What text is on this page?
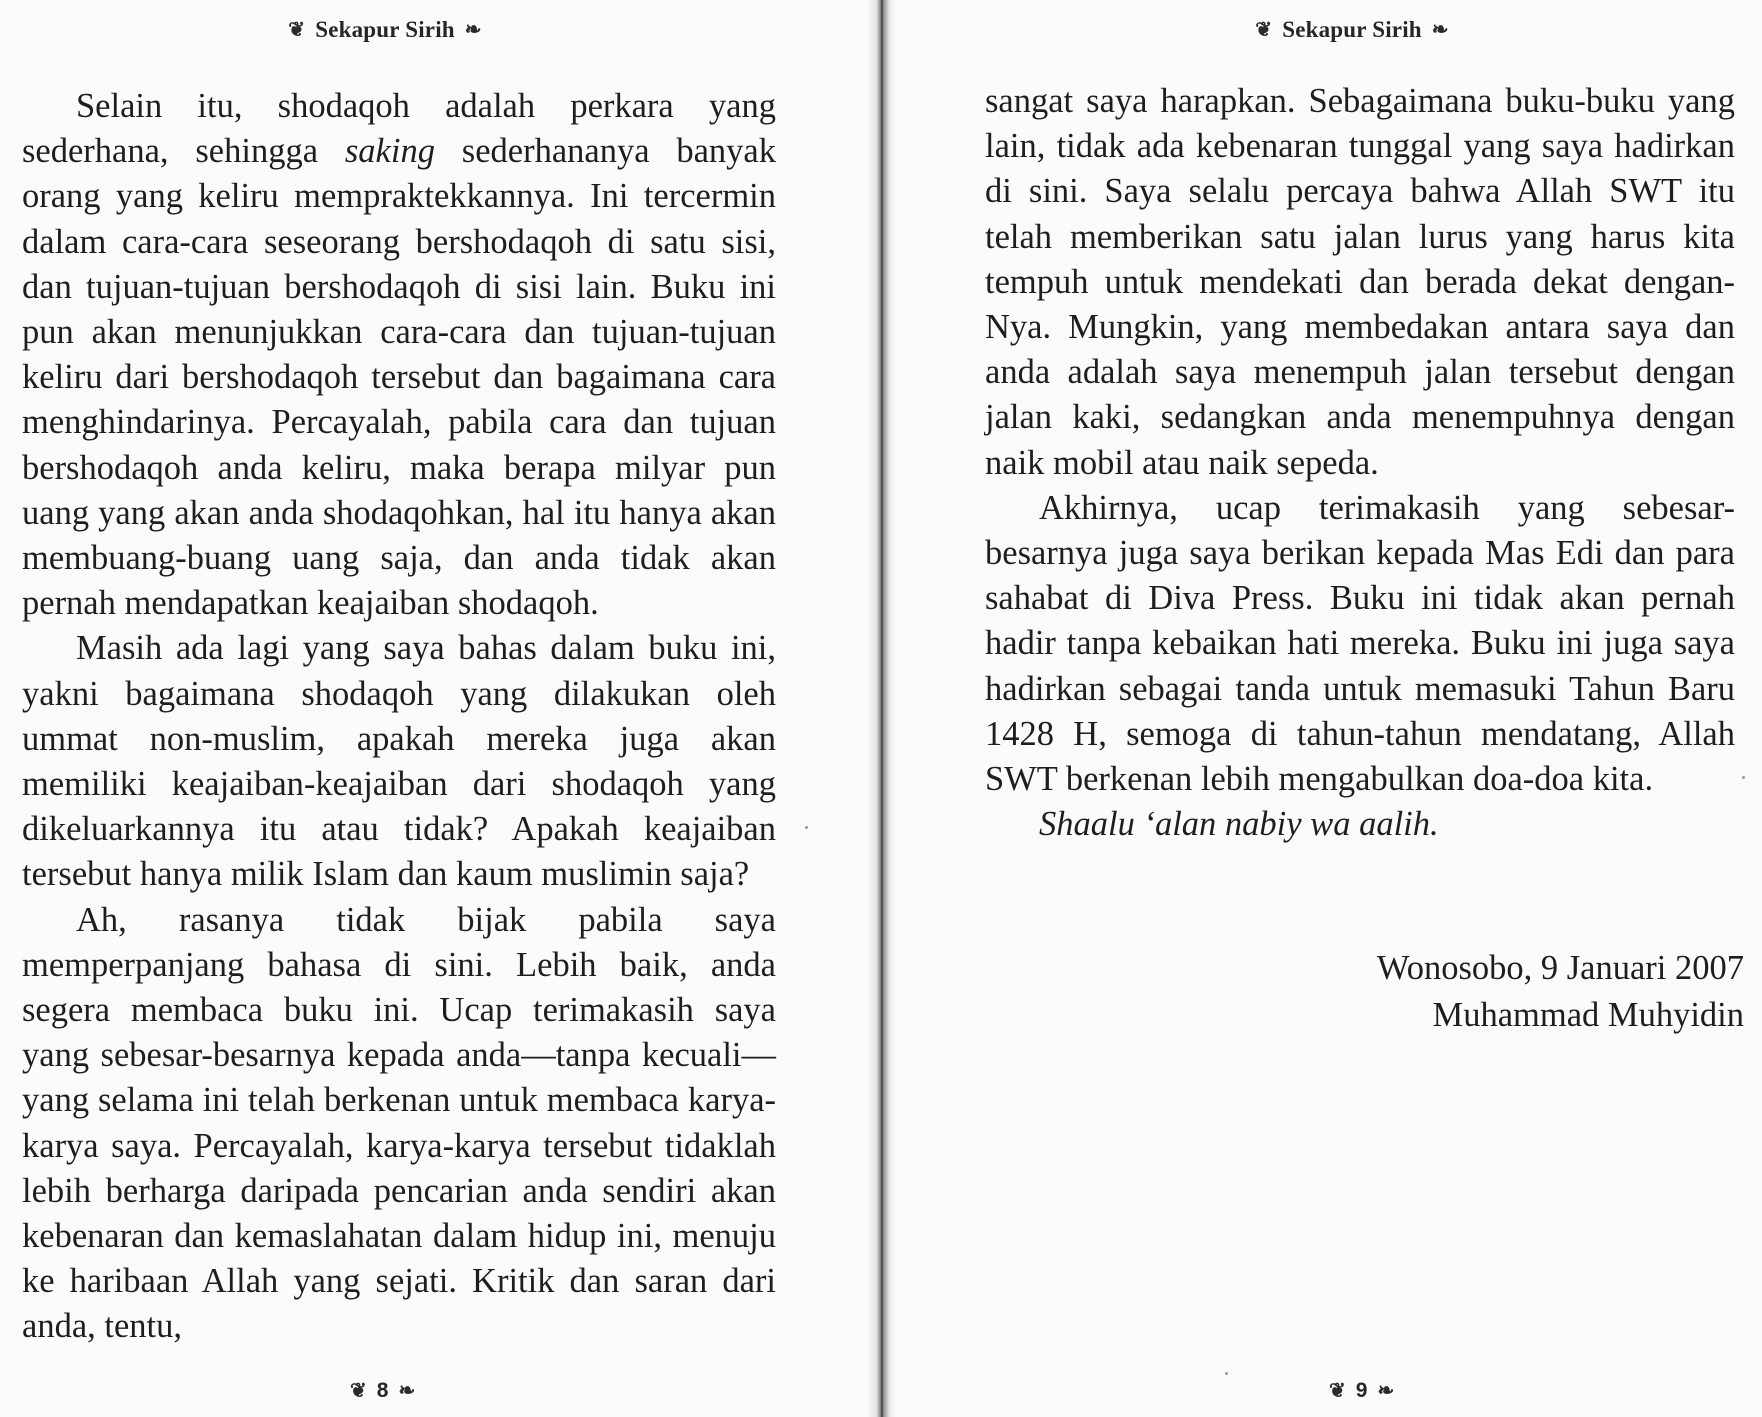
❦ Sekapur Sirih ❧

Selain itu, shodaqoh adalah perkara yang sederhana, sehingga saking sederhananya banyak orang yang keliru mempraktekkannya. Ini tercermin dalam cara-cara seseorang bershodaqoh di satu sisi, dan tujuan-tujuan bershodaqoh di sisi lain. Buku ini pun akan menunjukkan cara-cara dan tujuan-tujuan keliru dari bershodaqoh tersebut dan bagaimana cara menghindarinya. Percayalah, pabila cara dan tujuan bershodaqoh anda keliru, maka berapa milyar pun uang yang akan anda shodaqohkan, hal itu hanya akan membuang-buang uang saja, dan anda tidak akan pernah mendapatkan keajaiban shodaqoh.

Masih ada lagi yang saya bahas dalam buku ini, yakni bagaimana shodaqoh yang dilakukan oleh ummat non-muslim, apakah mereka juga akan memiliki keajaiban-keajaiban dari shodaqoh yang dikeluarkannya itu atau tidak? Apakah keajaiban tersebut hanya milik Islam dan kaum muslimin saja?

Ah, rasanya tidak bijak pabila saya memperpanjang bahasa di sini. Lebih baik, anda segera membaca buku ini. Ucap terimakasih saya yang sebesar-besarnya kepada anda—tanpa kecuali—yang selama ini telah berkenan untuk membaca karya-karya saya. Percayalah, karya-karya tersebut tidaklah lebih berharga daripada pencarian anda sendiri akan kebenaran dan kemaslahatan dalam hidup ini, menuju ke haribaan Allah yang sejati. Kritik dan saran dari anda, tentu,

❦ 8 ❧
❦ Sekapur Sirih ❧

sangat saya harapkan. Sebagaimana buku-buku yang lain, tidak ada kebenaran tunggal yang saya hadirkan di sini. Saya selalu percaya bahwa Allah SWT itu telah memberikan satu jalan lurus yang harus kita tempuh untuk mendekati dan berada dekat dengan-Nya. Mungkin, yang membedakan antara saya dan anda adalah saya menempuh jalan tersebut dengan jalan kaki, sedangkan anda menempuhnya dengan naik mobil atau naik sepeda.

Akhirnya, ucap terimakasih yang sebesar-besarnya juga saya berikan kepada Mas Edi dan para sahabat di Diva Press. Buku ini tidak akan pernah hadir tanpa kebaikan hati mereka. Buku ini juga saya hadirkan sebagai tanda untuk memasuki Tahun Baru 1428 H, semoga di tahun-tahun mendatang, Allah SWT berkenan lebih mengabulkan doa-doa kita.

Shaalu ‘alan nabiy wa aalih.

Wonosobo, 9 Januari 2007
Muhammad Muhyidin
❦ 9 ❧
